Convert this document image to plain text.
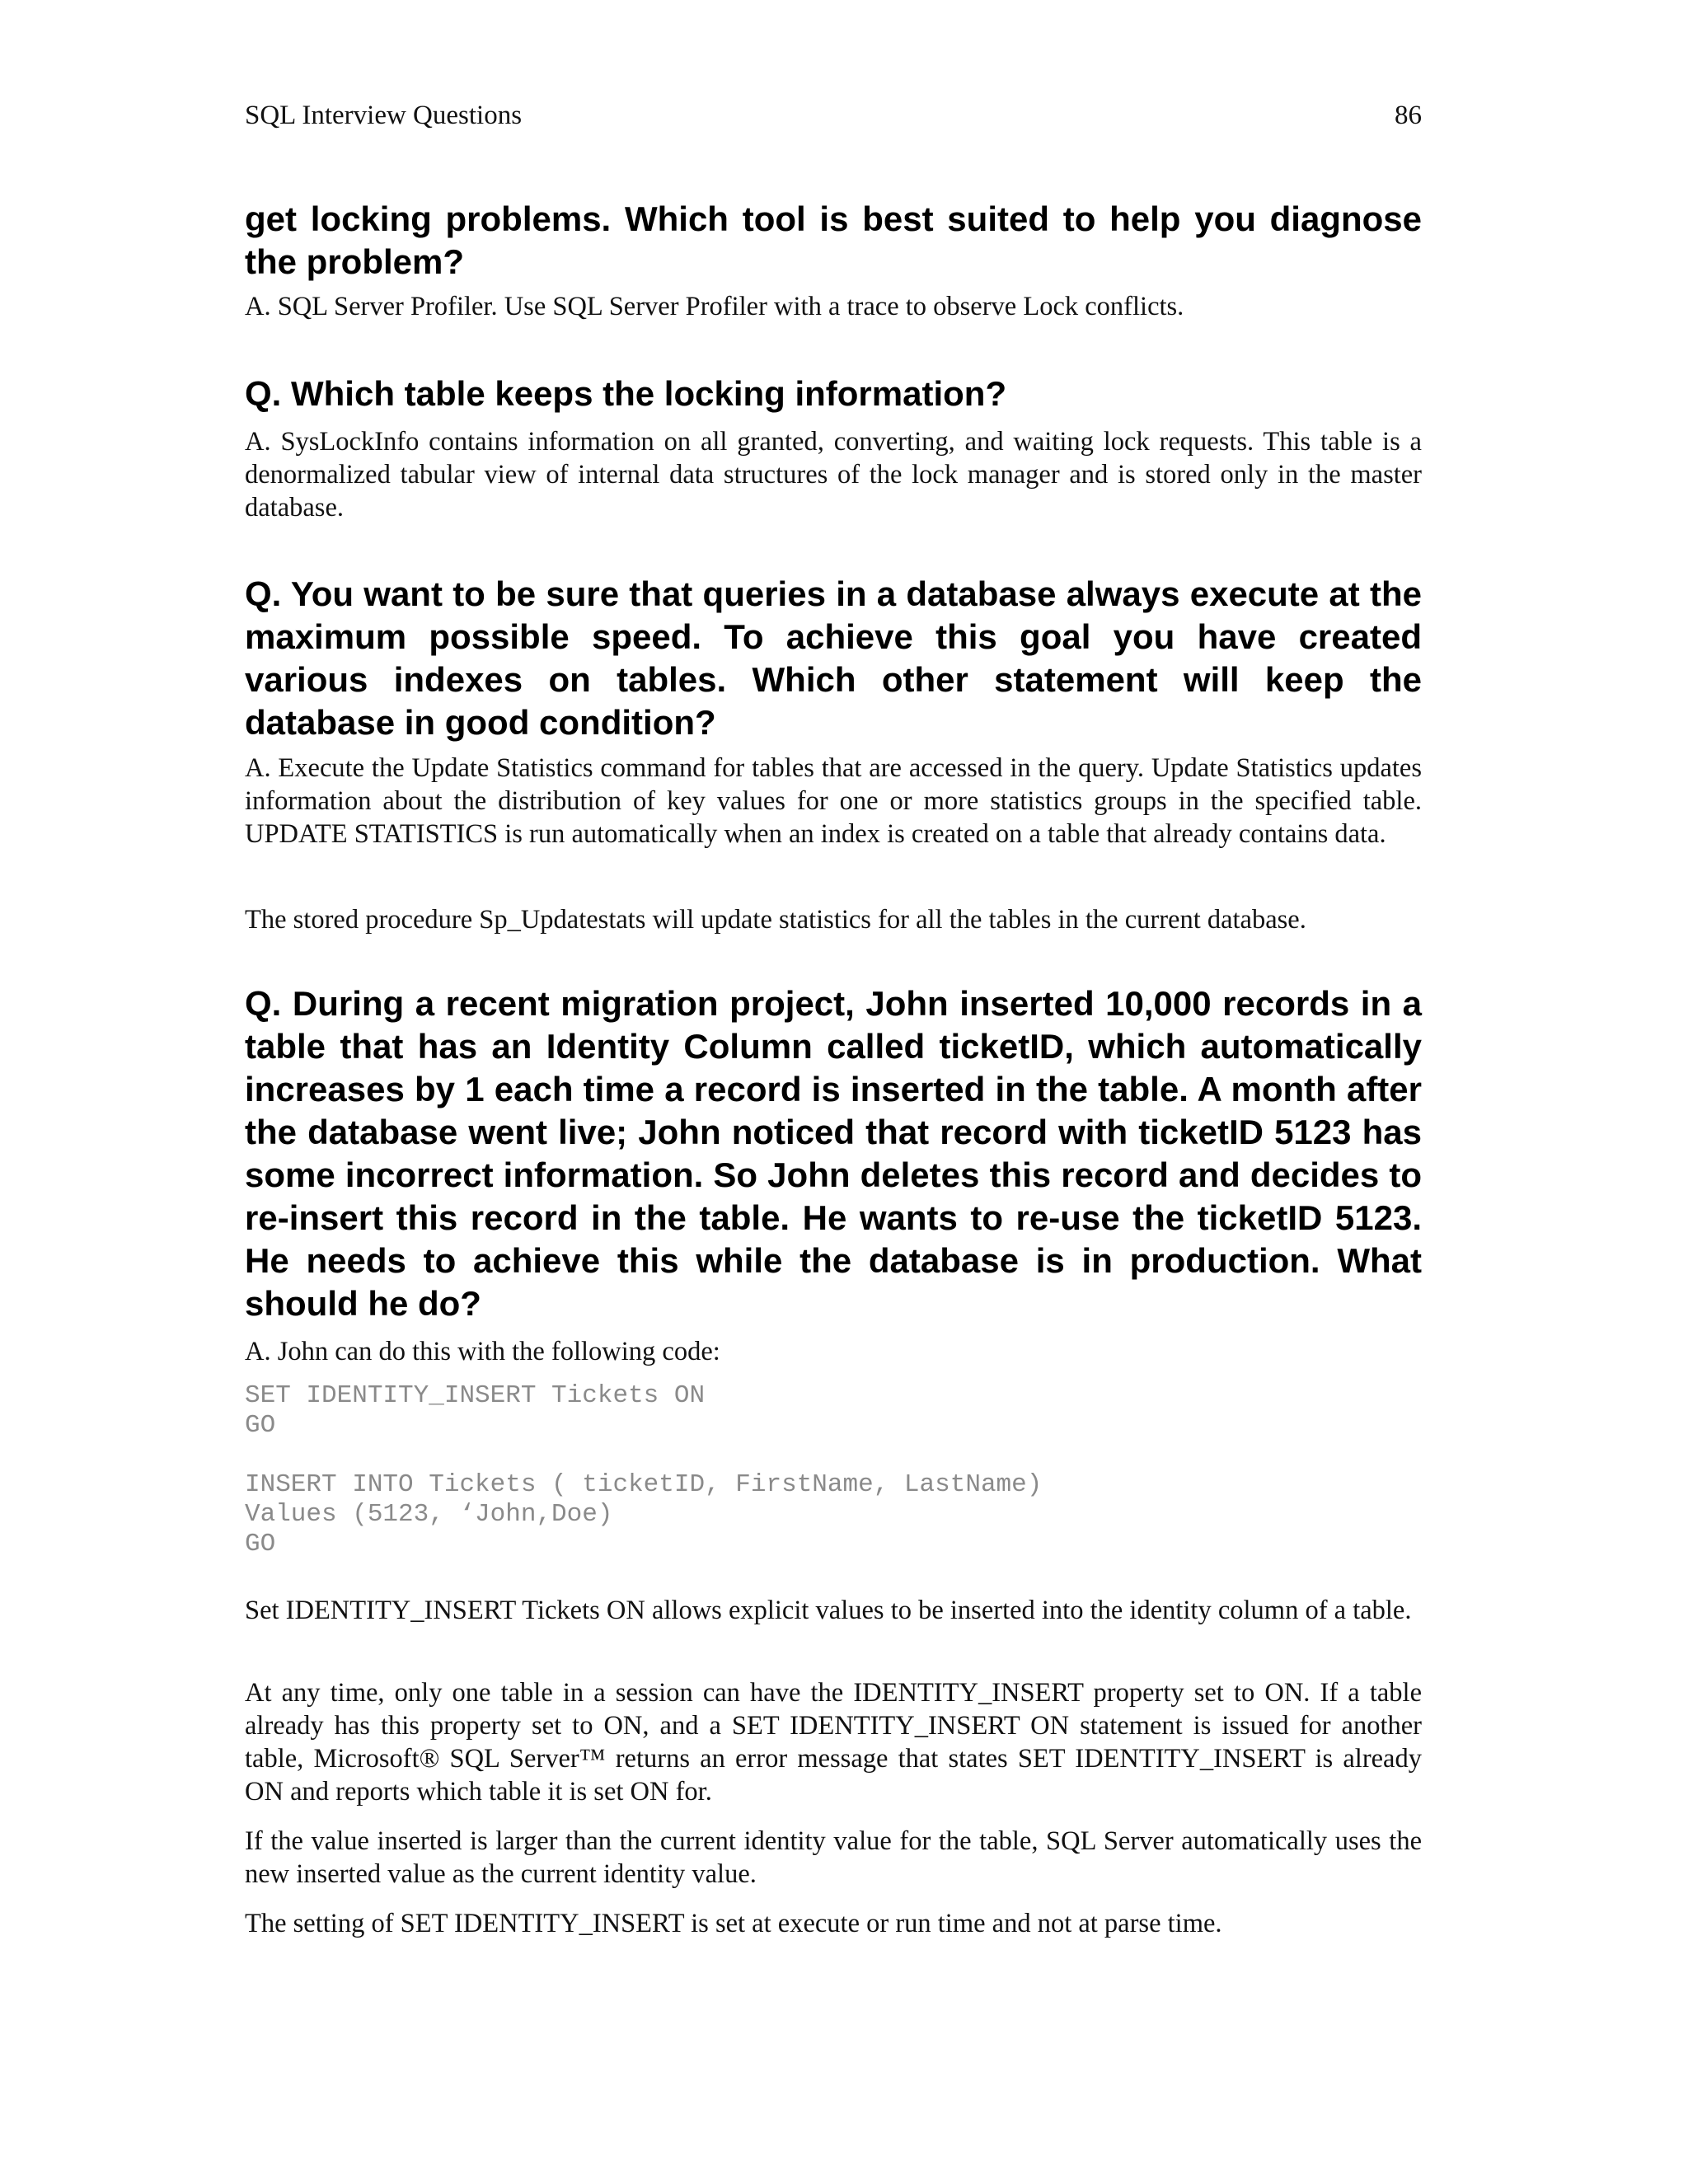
SQL Interview Questions	86

get locking problems. Which tool is best suited to help you diagnose the problem?

A. SQL Server Profiler. Use SQL Server Profiler with a trace to observe Lock conflicts.

Q. Which table keeps the locking information?

A. SysLockInfo contains information on all granted, converting, and waiting lock requests. This table is a denormalized tabular view of internal data structures of the lock manager and is stored only in the master database.

Q. You want to be sure that queries in a database always execute at the maximum possible speed. To achieve this goal you have created various indexes on tables. Which other statement will keep the database in good condition?

A. Execute the Update Statistics command for tables that are accessed in the query. Update Statistics updates information about the distribution of key values for one or more statistics groups in the specified table. UPDATE STATISTICS is run automatically when an index is created on a table that already contains data.

The stored procedure Sp_Updatestats will update statistics for all the tables in the current database.

Q. During a recent migration project, John inserted 10,000 records in a table that has an Identity Column called ticketID, which automatically increases by 1 each time a record is inserted in the table. A month after the database went live; John noticed that record with ticketID 5123 has some incorrect information. So John deletes this record and decides to re-insert this record in the table. He wants to re-use the ticketID 5123. He needs to achieve this while the database is in production. What should he do?

A. John can do this with the following code:

SET IDENTITY_INSERT Tickets ON
GO
INSERT INTO Tickets ( ticketID, FirstName, LastName)
Values (5123, ‘John,Doe)
GO

Set IDENTITY_INSERT Tickets ON allows explicit values to be inserted into the identity column of a table.

At any time, only one table in a session can have the IDENTITY_INSERT property set to ON. If a table already has this property set to ON, and a SET IDENTITY_INSERT ON statement is issued for another table, Microsoft® SQL Server™ returns an error message that states SET IDENTITY_INSERT is already ON and reports which table it is set ON for.

If the value inserted is larger than the current identity value for the table, SQL Server automatically uses the new inserted value as the current identity value.

The setting of SET IDENTITY_INSERT is set at execute or run time and not at parse time.
